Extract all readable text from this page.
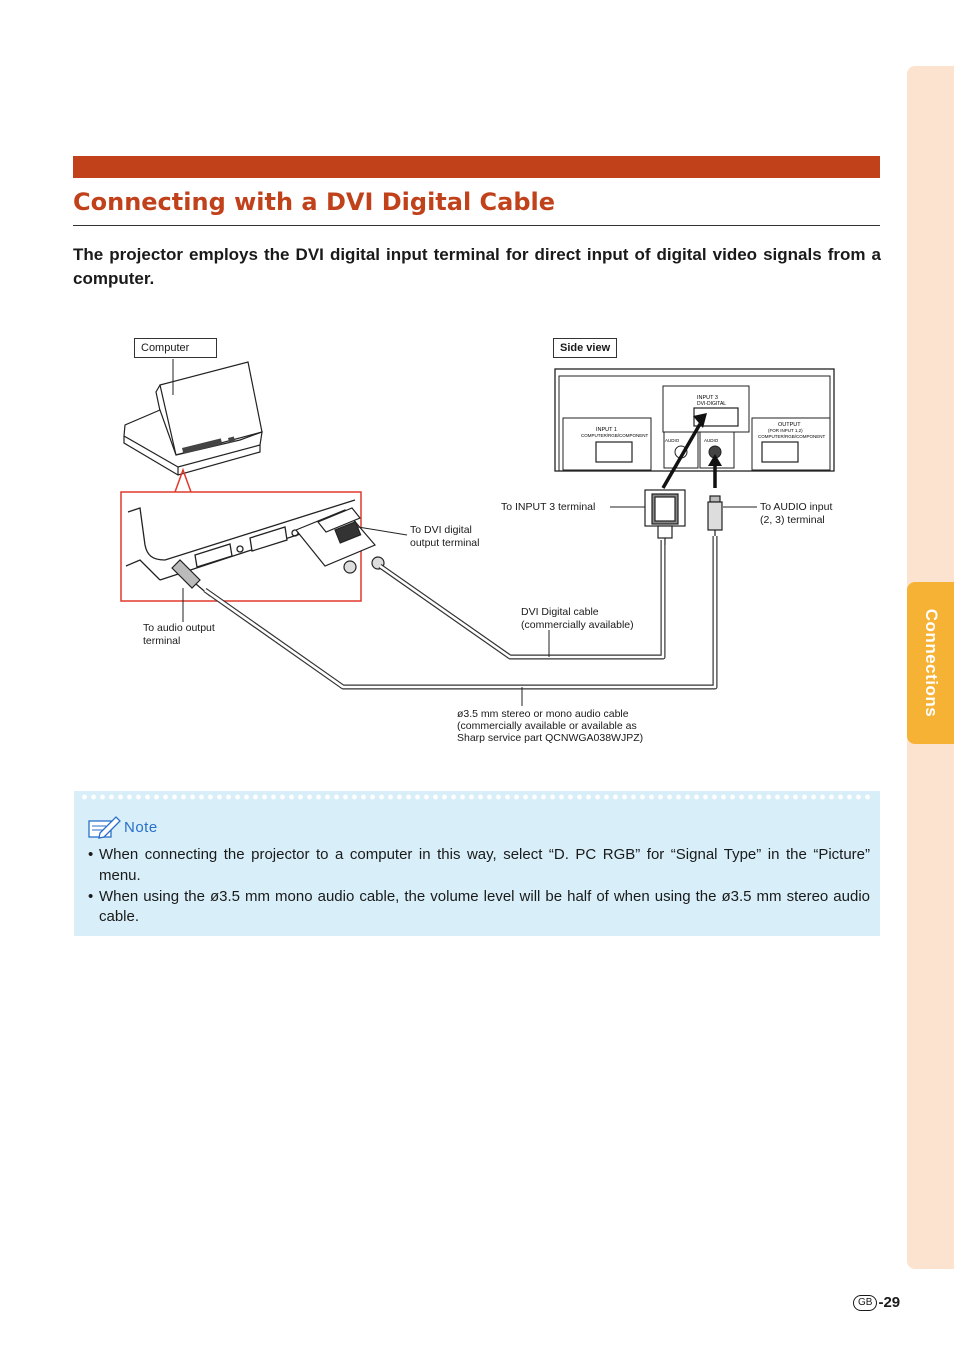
Connections
Connecting with a DVI Digital Cable

The projector employs the DVI digital input terminal for direct input of digital video signals from a computer.

INPUT 3
DVI-DIGITAL
INPUT 1
COMPUTER/RGB/COMPONENT
AUDIO	AUDIO
OUTPUT
(FOR INPUT 1,2)
COMPUTER/RGB/COMPONENT
Computer	Side view
To INPUT 3 terminal	To AUDIO input
(2, 3) terminal
To DVI digital
output terminal
To audio output
terminal
DVI Digital cable
(commercially available)
ø3.5 mm stereo or mono audio cable
(commercially available or available as
Sharp service part QCNWGA038WJPZ)
Note
• When connecting the projector to a computer in this way, select “D. PC RGB” for “Signal Type” in the “Picture” menu.
• When using the ø3.5 mm mono audio cable, the volume level will be half of when using the ø3.5 mm stereo audio cable.
GB -29
